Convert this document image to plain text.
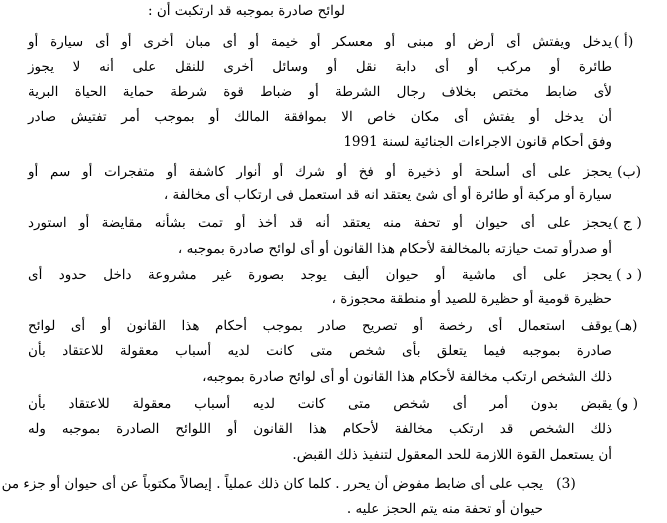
لوائح صادرة بموجبه قد ارتكبت أن :
( أ)
يدخل ويفتش أى أرض أو مبنى أو معسكر أو خيمة أو أى مبان أخرى أو أى سيارة أو
طائرة أو مركب أو أى دابة نقل أو وسائل أخرى للنقل على أنه لا يجوز
لأى ضابط مختص بخلاف رجال الشرطة أو ضباط قوة شرطة حماية الحياة البرية
أن يدخل أو يفتش أى مكان خاص الا بموافقة المالك أو بموجب أمر تفتيش صادر
وفق أحكام قانون الاجراءات الجنائية لسنة 1991
(ب)
يحجز على أى أسلحة أو ذخيرة أو فخ أو شرك أو أنوار كاشفة أو متفجرات أو سم أو
سيارة أو مركبة أو طائرة أو أى شئ يعتقد انه قد استعمل فى ارتكاب أى مخالفة ،
( ج )
يحجز على أى حيوان أو تحفة منه يعتقد أنه قد أخذ أو تمت بشأنه مقايضة أو استورد
أو صدرأو تمت حيازته بالمخالفة لأحكام هذا القانون أو أى لوائح صادرة بموجبه ،
( د )
يحجز على أى ماشية أو حيوان أليف يوجد بصورة غير مشروعة داخل حدود أى
حظيرة قومية أو حظيرة للصيد أو منطقة محجوزة ،
(هـ)
يوقف استعمال أى رخصة أو تصريح صادر بموجب أحكام هذا القانون أو أى لوائح
صادرة بموجبه فيما يتعلق بأى شخص متى كانت لديه أسباب معقولة للاعتقاد بأن
ذلك الشخص ارتكب مخالفة لأحكام هذا القانون أو أى لوائح صادرة بموجبه،
(و )
يقبض بدون أمر أى شخص متى كانت لديه أسباب معقولة للاعتقاد بأن
ذلك الشخص قد ارتكب مخالفة لأحكام هذا القانون أو اللوائح الصادرة بموجبه وله
أن يستعمل القوة اللازمة للحد المعقول لتنفيذ ذلك القبض.
(3)
يجب على أى ضابط مفوض أن يحرر . كلما كان ذلك عملياً . إيصالاً مكتوباً عن أى حيوان أو جزء من
حيوان أو تحفة منه يتم الحجز عليه .
